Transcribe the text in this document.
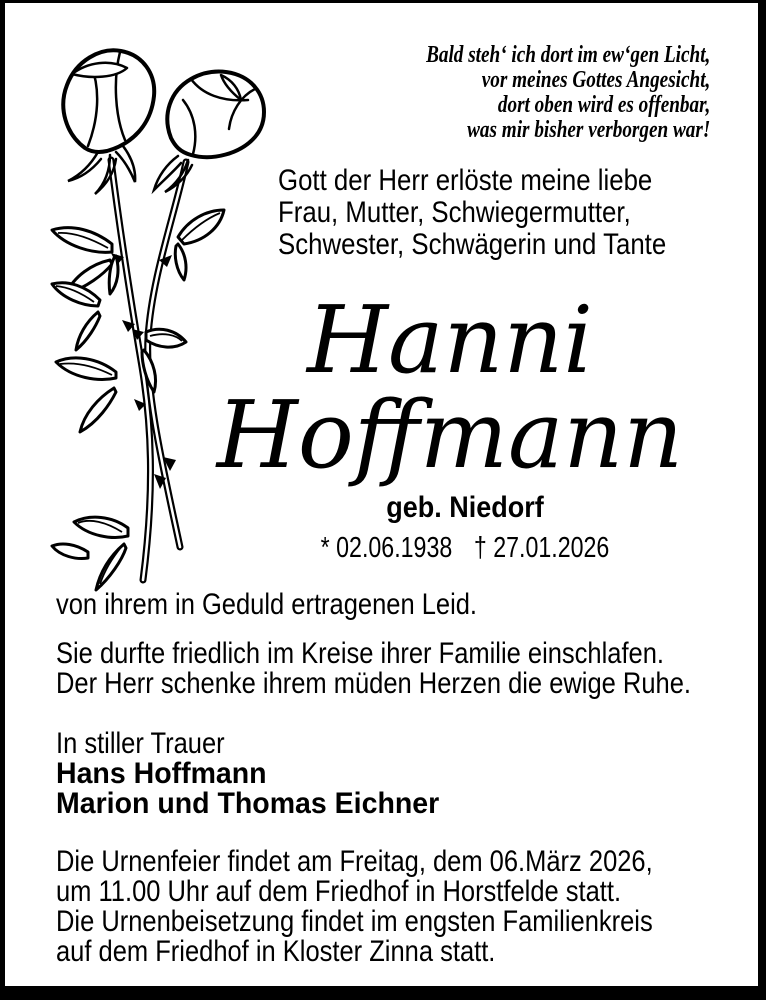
Bald steh‘ ich dort im ew‘gen Licht,
vor meines Gottes Angesicht,
dort oben wird es offenbar,
was mir bisher verborgen war!
Gott der Herr erlöste meine liebe
Frau, Mutter, Schwiegermutter,
Schwester, Schwägerin und Tante
Hanni
Hoffmann
geb. Niedorf
* 02.06.1938 † 27.01.2026
von ihrem in Geduld ertragenen Leid.
Sie durfte friedlich im Kreise ihrer Familie einschlafen.
Der Herr schenke ihrem müden Herzen die ewige Ruhe.
In stiller Trauer
Hans Hoffmann
Marion und Thomas Eichner
Die Urnenfeier findet am Freitag, dem 06.März 2026,
um 11.00 Uhr auf dem Friedhof in Horstfelde statt.
Die Urnenbeisetzung findet im engsten Familienkreis
auf dem Friedhof in Kloster Zinna statt.
